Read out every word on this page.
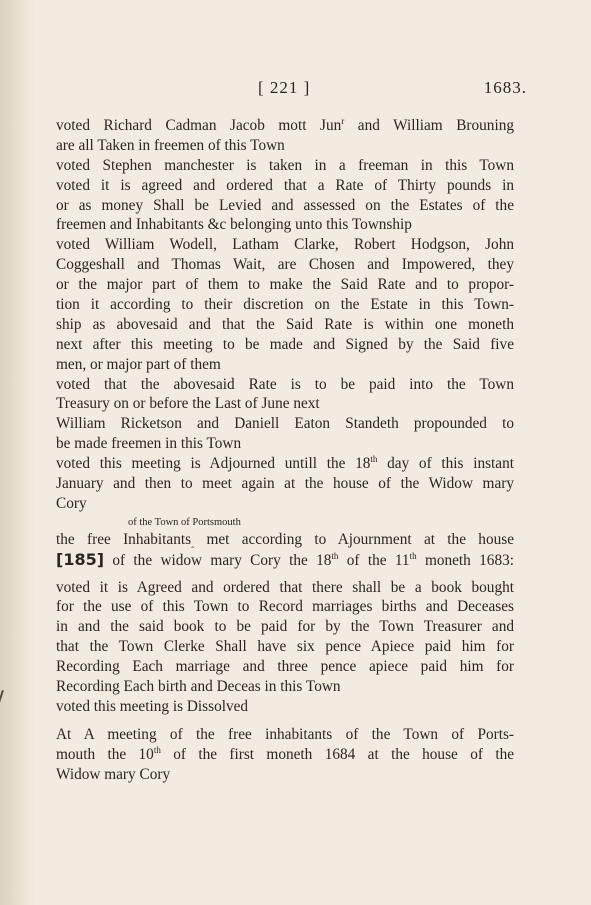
[ 221 ]	1683.
voted Richard Cadman Jacob mott Jun$^r$ and William Brouning
are all Taken in freemen of this Town
voted Stephen manchester is taken in a freeman in this Town
voted it is agreed and ordered that a Rate of Thirty pounds in
or as money Shall be Levied and assessed on the Estates of the
freemen and Inhabitants &c belonging unto this Township
voted William Wodell, Latham Clarke, Robert Hodgson, John
Coggeshall and Thomas Wait, are Chosen and Impowered, they
or the major part of them to make the Said Rate and to propor-
tion it according to their discretion on the Estate in this Town-
ship as abovesaid and that the Said Rate is within one moneth
next after this meeting to be made and Signed by the Said five
men, or major part of them
voted that the abovesaid Rate is to be paid into the Town
Treasury on or before the Last of June next
William Ricketson and Daniell Eaton Standeth propounded to
be made freemen in this Town
voted this meeting is Adjourned untill the 18th day of this instant
January and then to meet again at the house of the Widow mary
Cory
of the Town of Portsmouth
the free Inhabitants$_‸$ met according to Ajournment at the house
[185] of the widow mary Cory the 18th of the 11th moneth 1683:
voted it is Agreed and ordered that there shall be a book bought
for the use of this Town to Record marriages births and Deceases
in and the said book to be paid for by the Town Treasurer and
that the Town Clerke Shall have six pence Apiece paid him for
Recording Each marriage and three pence apiece paid him for
Recording Each birth and Deceas in this Town
voted this meeting is Dissolved
At A meeting of the free inhabitants of the Town of Ports-
mouth the 10th of the first moneth 1684 at the house of the
Widow mary Cory
